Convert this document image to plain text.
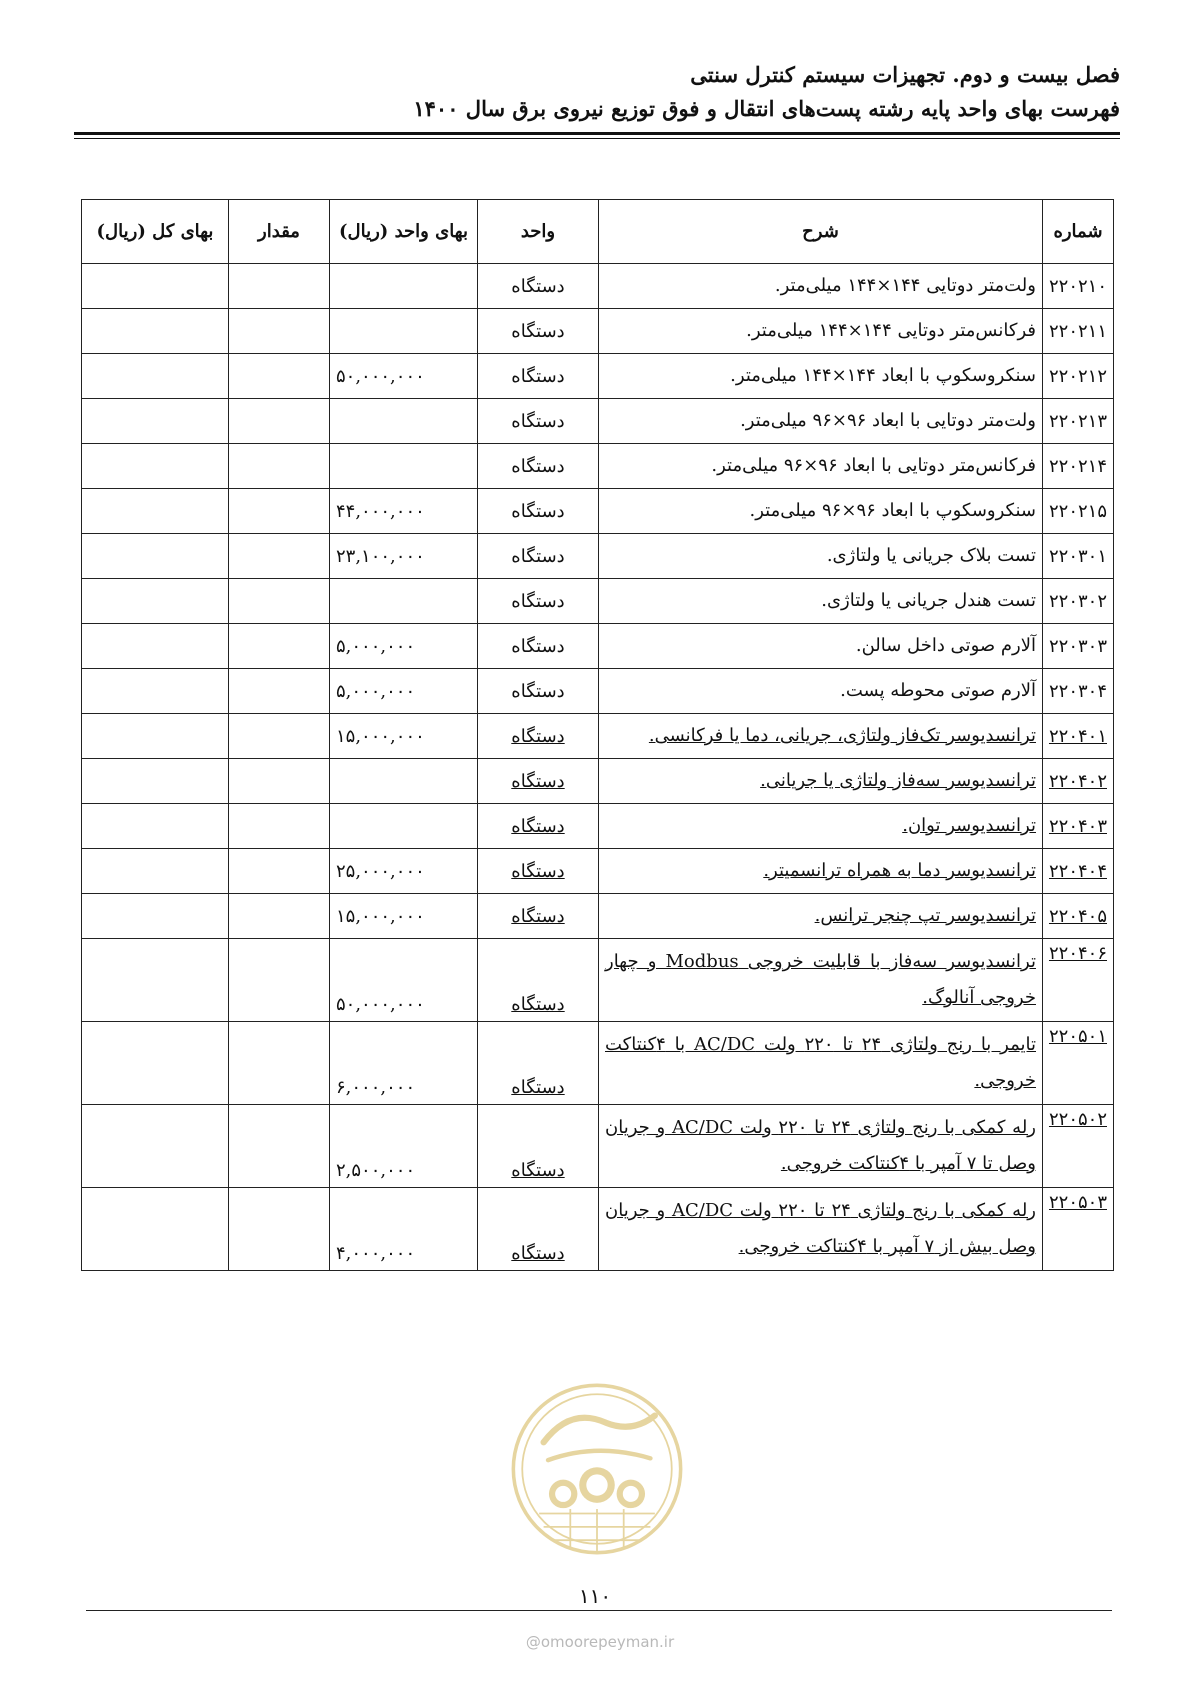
فصل بیست و دوم. تجهیزات سیستم کنترل سنتی
فهرست بهای واحد پایه رشته پست‌های انتقال و فوق توزیع نیروی برق سال ۱۴۰۰
شماره	شرح	واحد	بهای واحد (ریال)	مقدار	بهای کل (ریال)
۲۲۰۲۱۰	ولت‌متر دوتایی ۱۴۴×۱۴۴ میلی‌متر.	دستگاه			
۲۲۰۲۱۱	فرکانس‌متر دوتایی ۱۴۴×۱۴۴ میلی‌متر.	دستگاه			
۲۲۰۲۱۲	سنکروسکوپ با ابعاد ۱۴۴×۱۴۴ میلی‌متر.	دستگاه	۵۰,۰۰۰,۰۰۰		
۲۲۰۲۱۳	ولت‌متر دوتایی با ابعاد ۹۶×۹۶ میلی‌متر.	دستگاه			
۲۲۰۲۱۴	فرکانس‌متر دوتایی با ابعاد ۹۶×۹۶ میلی‌متر.	دستگاه			
۲۲۰۲۱۵	سنکروسکوپ با ابعاد ۹۶×۹۶ میلی‌متر.	دستگاه	۴۴,۰۰۰,۰۰۰		
۲۲۰۳۰۱	تست بلاک جریانی یا ولتاژی.	دستگاه	۲۳,۱۰۰,۰۰۰		
۲۲۰۳۰۲	تست هندل جریانی یا ولتاژی.	دستگاه			
۲۲۰۳۰۳	آلارم صوتی داخل سالن.	دستگاه	۵,۰۰۰,۰۰۰		
۲۲۰۳۰۴	آلارم صوتی محوطه پست.	دستگاه	۵,۰۰۰,۰۰۰		
۲۲۰۴۰۱	ترانسدیوسر تک‌فاز ولتاژی، جریانی، دما یا فرکانسی.	دستگاه	۱۵,۰۰۰,۰۰۰		
۲۲۰۴۰۲	ترانسدیوسر سه‌فاز ولتاژی یا جریانی.	دستگاه			
۲۲۰۴۰۳	ترانسدیوسر توان.	دستگاه			
۲۲۰۴۰۴	ترانسدیوسر دما به همراه ترانسمیتر.	دستگاه	۲۵,۰۰۰,۰۰۰		
۲۲۰۴۰۵	ترانسدیوسر تپ چنجر ترانس.	دستگاه	۱۵,۰۰۰,۰۰۰		
۲۲۰۴۰۶	ترانسدیوسر سه‌فاز با قابلیت خروجی Modbus و چهار خروجی آنالوگ.	دستگاه	۵۰,۰۰۰,۰۰۰		
۲۲۰۵۰۱	تایمر با رنج ولتاژی ۲۴ تا ۲۲۰ ولت AC/DC با ۴کنتاکت خروجی.	دستگاه	۶,۰۰۰,۰۰۰		
۲۲۰۵۰۲	رله کمکی با رنج ولتاژی ۲۴ تا ۲۲۰ ولت AC/DC و جریان وصل تا ۷ آمپر با ۴کنتاکت خروجی.	دستگاه	۲,۵۰۰,۰۰۰		
۲۲۰۵۰۳	رله کمکی با رنج ولتاژی ۲۴ تا ۲۲۰ ولت AC/DC و جریان وصل بیش از ۷ آمپر با ۴کنتاکت خروجی.	دستگاه	۴,۰۰۰,۰۰۰		
۱۱۰
@omoorepeyman.ir
